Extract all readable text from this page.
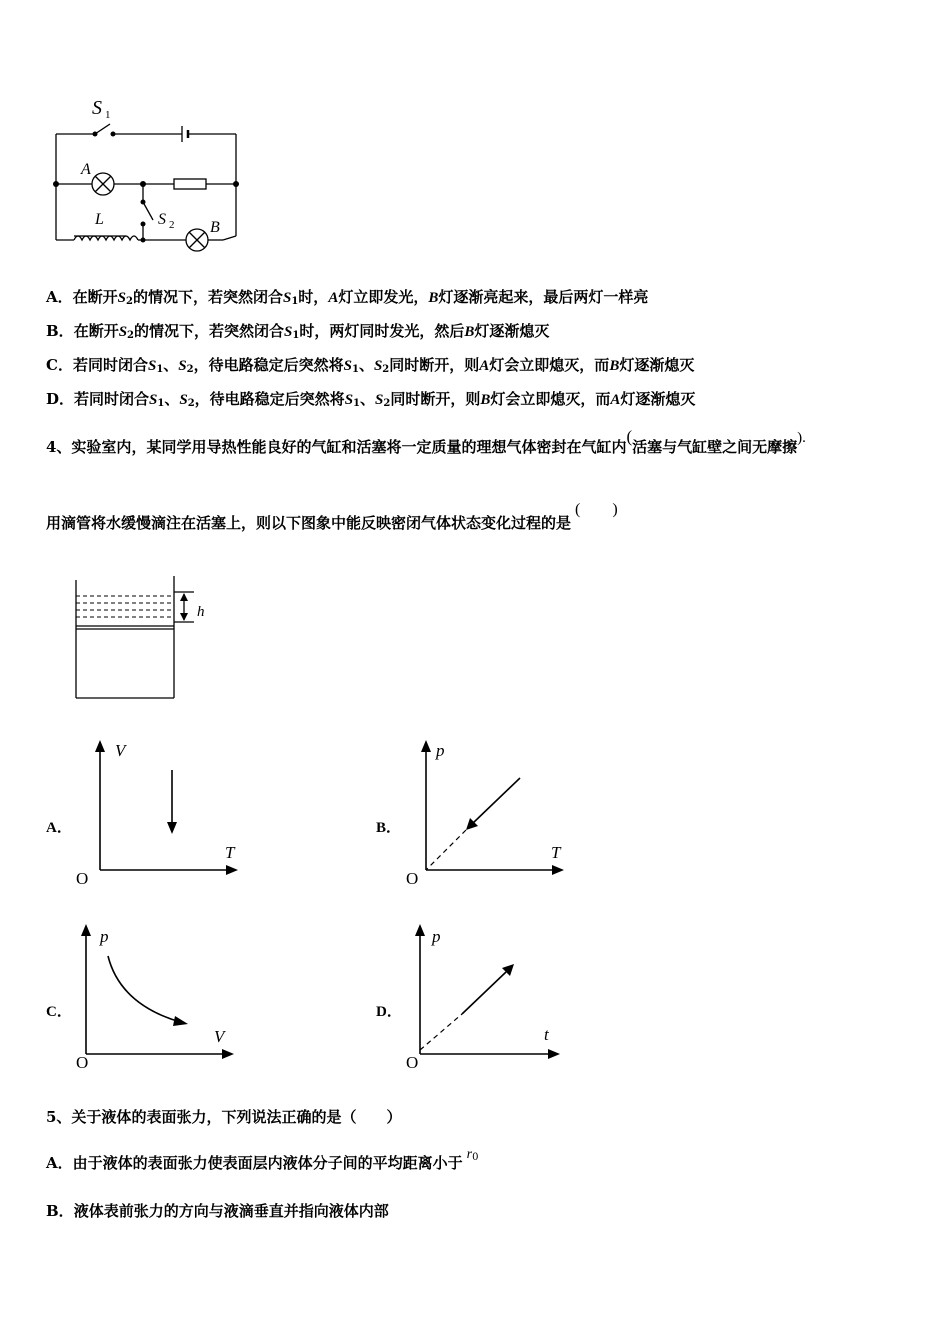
S 1
A
L	S 2 B
A．在断开$S_2$的情况下，若突然闭合$S_1$时，A灯立即发光，B灯逐渐亮起来，最后两灯一样亮
B．在断开$S_2$的情况下，若突然闭合$S_1$时，两灯同时发光，然后B灯逐渐熄灭
C．若同时闭合$S_1$、$S_2$，待电路稳定后突然将$S_1$、$S_2$同时断开，则A灯会立即熄灭，而B灯逐渐熄灭
D．若同时闭合$S_1$、$S_2$，待电路稳定后突然将$S_1$、$S_2$同时断开，则B灯会立即熄灭，而A灯逐渐熄灭
4、实验室内，某同学用导热性能良好的气缸和活塞将一定质量的理想气体密封在气缸内(活塞与气缸壁之间无摩擦).
用滴管将水缓慢滴注在活塞上，则以下图象中能反映密闭气体状态变化过程的是(　　)
h
A．
V
T
O
B．
p
T
O
C．
p
V
O
D．
p
t
O
5、关于液体的表面张力，下列说法正确的是（　　）
A．由于液体的表面张力使表面层内液体分子间的平均距离小于 $r_0$
B．液体表前张力的方向与液滴垂直并指向液体内部
